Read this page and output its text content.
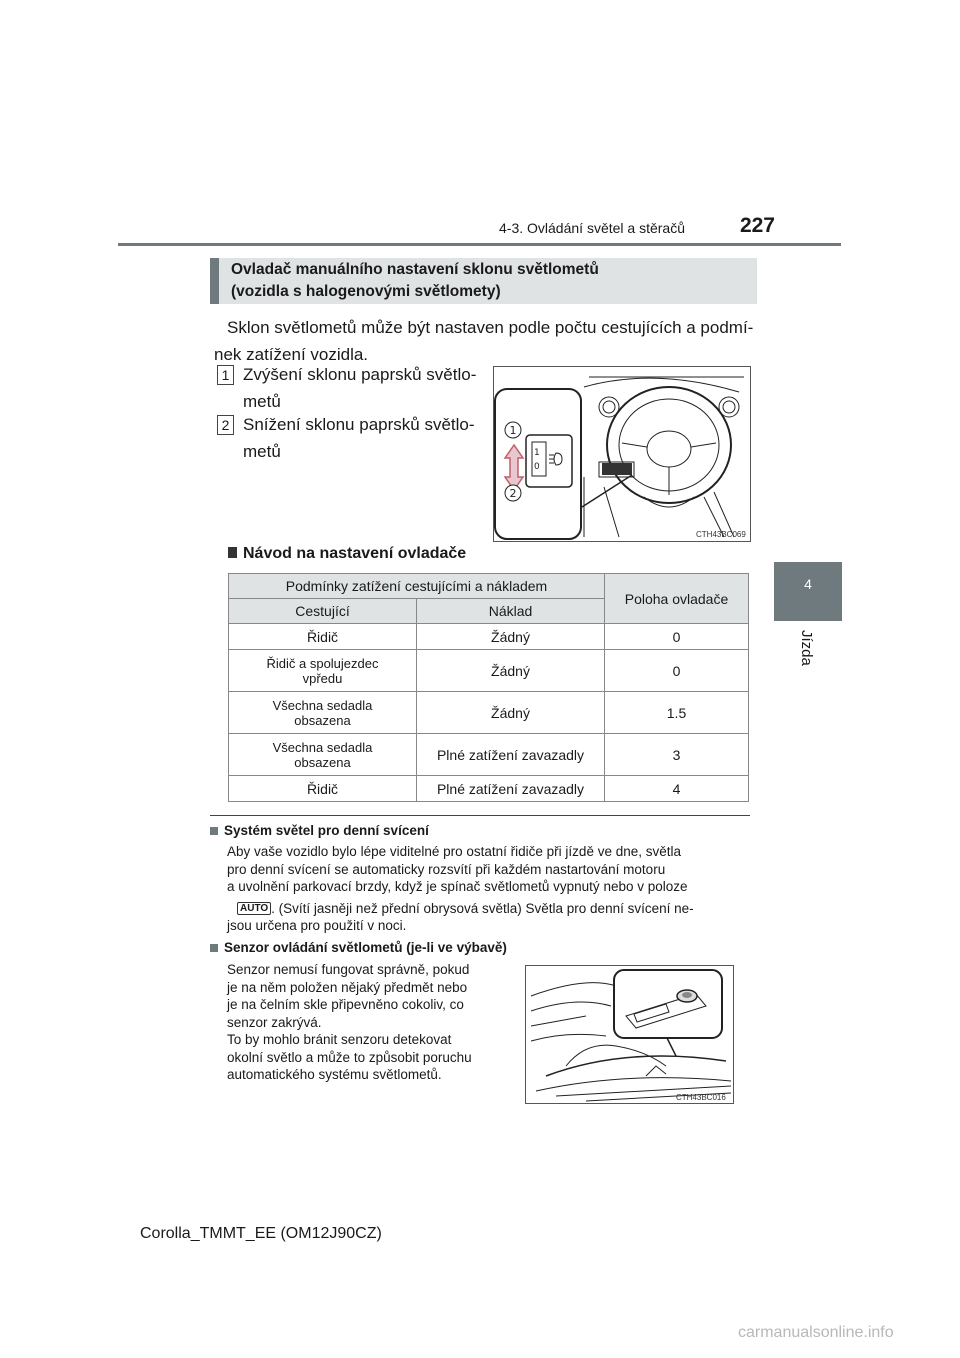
4-3. Ovládání světel a stěračů	227
4
Jízda
Ovladač manuálního nastavení sklonu světlometů
(vozidla s halogenovými světlomety)
Sklon světlometů může být nastaven podle počtu cestujících a podmí-
nek zatížení vozidla.
1 Zvýšení sklonu paprsků světlo-
metů
2 Snížení sklonu paprsků světlo-
metů	1
0
1
2
CTH43BC069
Návod na nastavení ovladače
Podmínky zatížení cestujícími a nákladem		Poloha ovladače
Cestující	Náklad	
Řidič	Žádný	0

Řidič a spolujezdec
vpředu	Žádný	0

Všechna sedadla
obsazena	Žádný	1.5

Všechna sedadla
obsazena	Plné zatížení zavazadly	3
Řidič	Plné zatížení zavazadly	4
Systém světel pro denní svícení
Aby vaše vozidlo bylo lépe viditelné pro ostatní řidiče při jízdě ve dne, světla
pro denní svícení se automaticky rozsvítí při každém nastartování motoru
a uvolnění parkovací brzdy, když je spínač světlometů vypnutý nebo v poloze
AUTO . (Svítí jasněji než přední obrysová světla) Světla pro denní svícení ne-
jsou určena pro použití v noci.
Senzor ovládání světlometů (je-li ve výbavě)
Senzor nemusí fungovat správně, pokud
je na něm položen nějaký předmět nebo
je na čelním skle připevněno cokoliv, co
senzor zakrývá.
To by mohlo bránit senzoru detekovat
okolní světlo a může to způsobit poruchu
automatického systému světlometů.
CTH43BC016
Corolla_TMMT_EE (OM12J90CZ)
carmanualsonline.info
